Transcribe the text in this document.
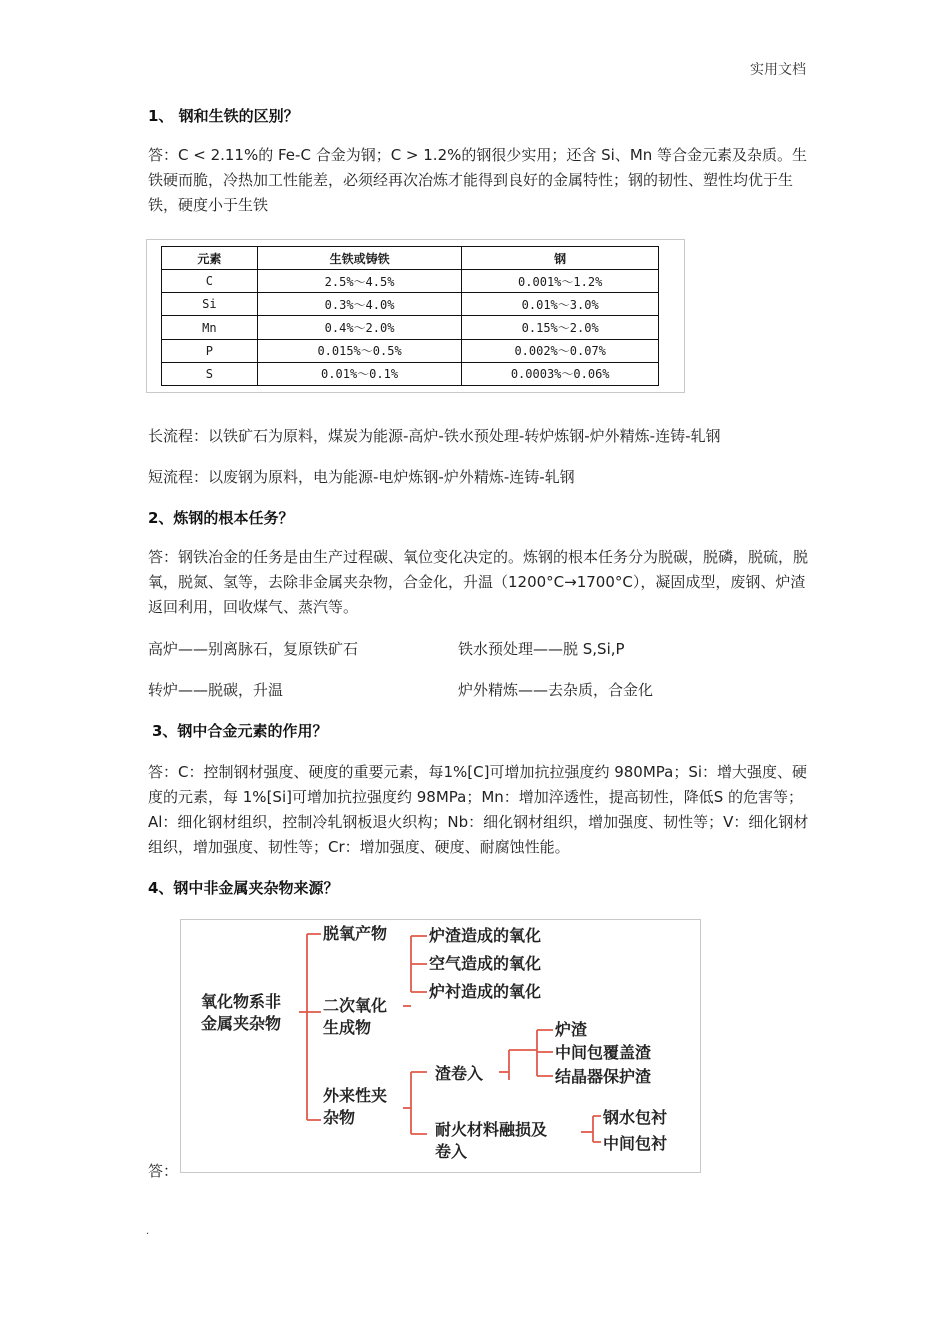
实用文档
1、 钢和生铁的区别？
答：C < 2.11%的 Fe-C 合金为钢；C > 1.2%的钢很少实用；还含 Si、Mn 等合金元素及杂质。生铁硬而脆，冷热加工性能差，必须经再次冶炼才能得到良好的金属特性；钢的韧性、塑性均优于生铁，硬度小于生铁
元素	生铁或铸铁	钢
C	2.5%～4.5%	0.001%～1.2%
Si	0.3%～4.0%	0.01%～3.0%
Mn	0.4%～2.0%	0.15%～2.0%
P	0.015%～0.5%	0.002%～0.07%
S	0.01%～0.1%	0.0003%～0.06%
长流程：以铁矿石为原料，煤炭为能源-高炉-铁水预处理-转炉炼钢-炉外精炼-连铸-轧钢
短流程：以废钢为原料，电为能源-电炉炼钢-炉外精炼-连铸-轧钢
2、炼钢的根本任务？
答：钢铁冶金的任务是由生产过程碳、氧位变化决定的。炼钢的根本任务分为脱碳，脱磷，脱硫，脱氧，脱氮、氢等，去除非金属夹杂物，合金化，升温（1200°C→1700°C），凝固成型，废钢、炉渣返回利用，回收煤气、蒸汽等。
高炉——别离脉石，复原铁矿石	铁水预处理——脱 S,Si,P
转炉——脱碳，升温	炉外精炼——去杂质，合金化
3、钢中合金元素的作用？
答：C：控制钢材强度、硬度的重要元素，每1%[C]可增加抗拉强度约 980MPa；Si：增大强度、硬度的元素，每 1%[Si]可增加抗拉强度约 98MPa；Mn：增加淬透性，提高韧性，降低S 的危害等；Al：细化钢材组织，控制冷轧钢板退火织构；Nb：细化钢材组织，增加强度、韧性等；V：细化钢材组织，增加强度、韧性等；Cr：增加强度、硬度、耐腐蚀性能。
4、钢中非金属夹杂物来源？
氧化物系非
金属夹杂物
脱氧产物
二次氧化
生成物
炉渣造成的氧化
空气造成的氧化
炉衬造成的氧化
外来性夹
杂物
渣卷入
炉渣
中间包覆盖渣
结晶器保护渣
耐火材料融损及
卷入
钢水包衬
中间包衬
答：
.
